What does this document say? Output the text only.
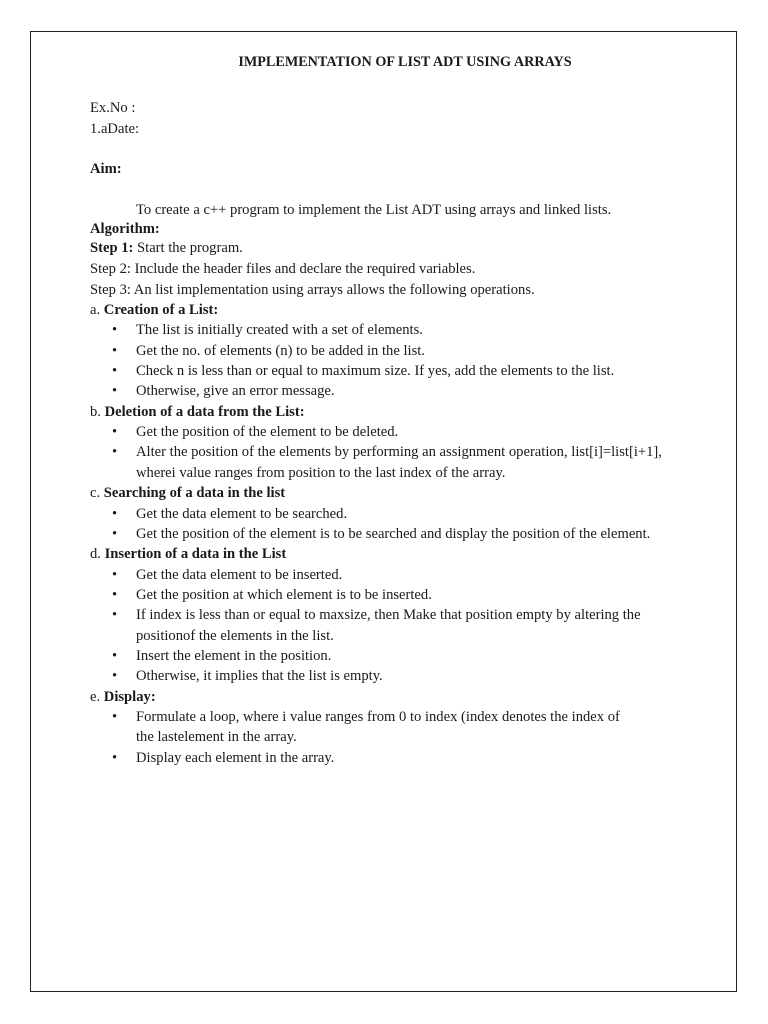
IMPLEMENTATION OF LIST ADT USING ARRAYS
Ex.No :
1.aDate:
Aim:
To create a c++ program to implement the List ADT using arrays and linked lists.
Algorithm:
Step 1: Start the program.
Step 2: Include the header files and declare the required variables.
Step 3: An list implementation using arrays allows the following operations.
a. Creation of a List:
• The list is initially created with a set of elements.
• Get the no. of elements (n) to be added in the list.
• Check n is less than or equal to maximum size. If yes, add the elements to the list.
• Otherwise, give an error message.
b. Deletion of a data from the List:
• Get the position of the element to be deleted.
• Alter the position of the elements by performing an assignment operation, list[i]=list[i+1],
wherei value ranges from position to the last index of the array.
c. Searching of a data in the list
• Get the data element to be searched.
• Get the position of the element is to be searched and display the position of the element.
d. Insertion of a data in the List
• Get the data element to be inserted.
• Get the position at which element is to be inserted.
• If index is less than or equal to maxsize, then Make that position empty by altering the
positionof the elements in the list.
• Insert the element in the position.
• Otherwise, it implies that the list is empty.
e. Display:
• Formulate a loop, where i value ranges from 0 to index (index denotes the index of
the lastelement in the array.
• Display each element in the array.
